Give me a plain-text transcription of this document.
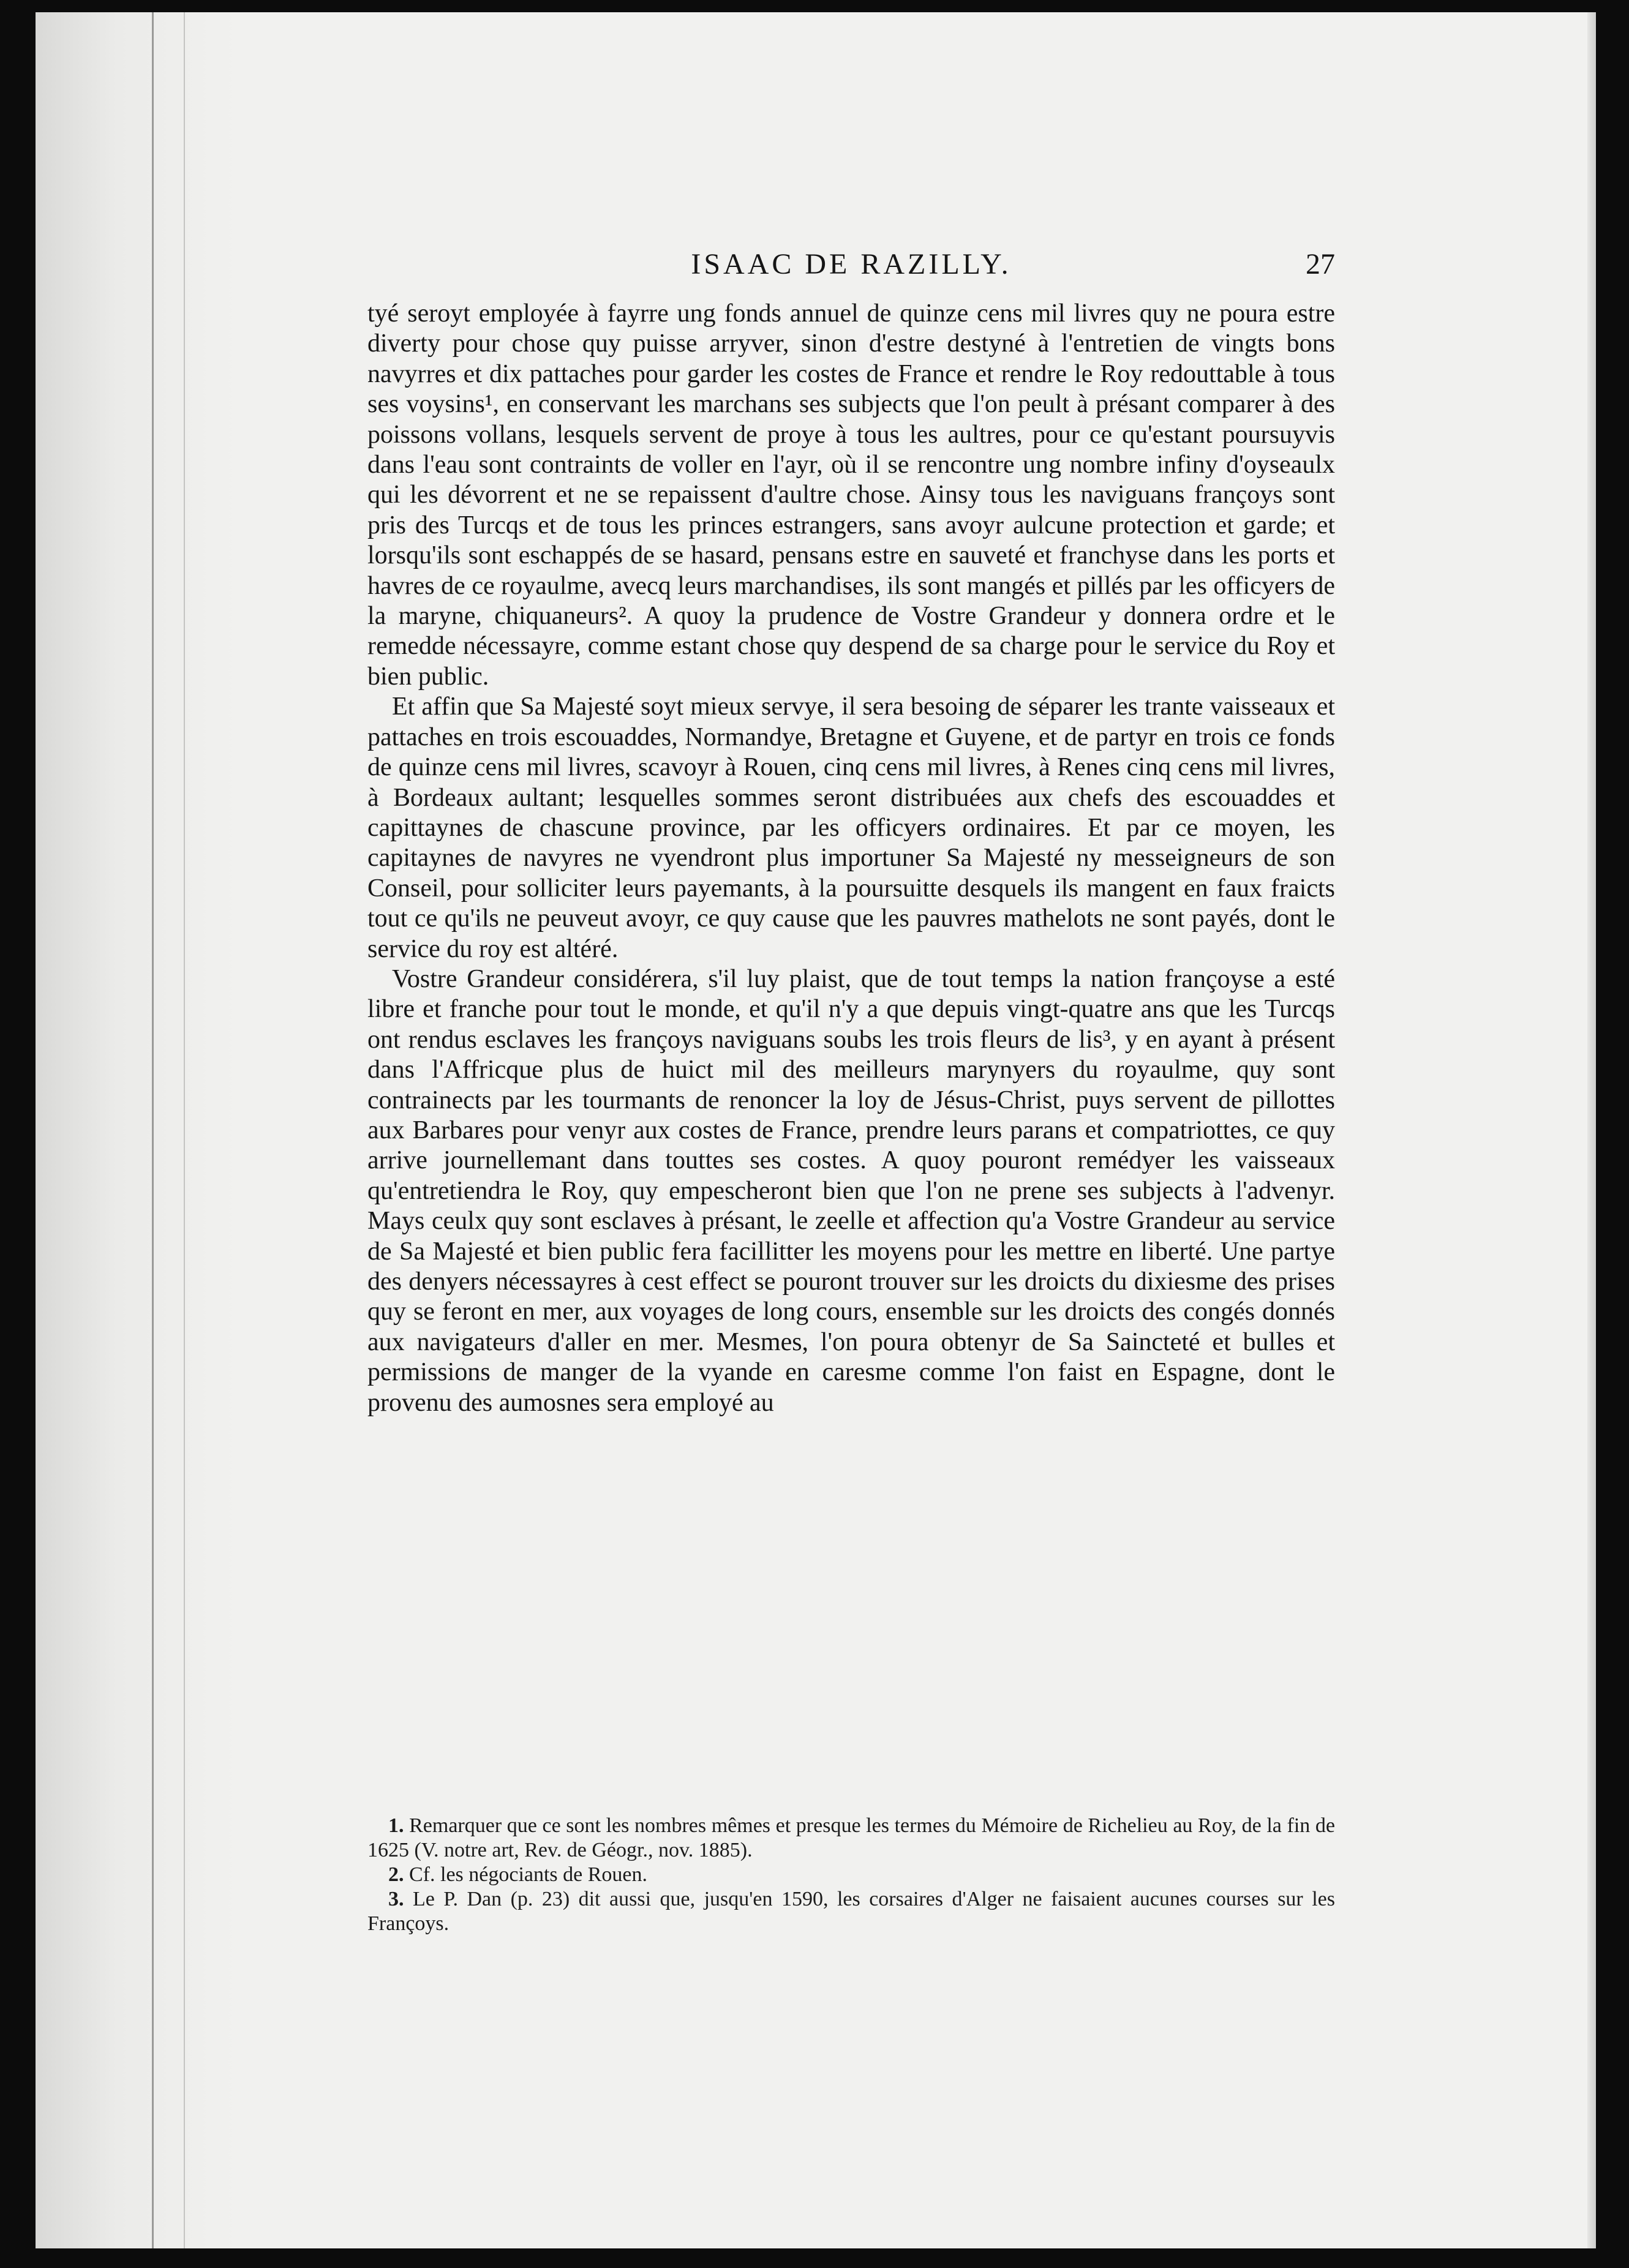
ISAAC DE RAZILLY.	27

tyé seroyt employée à fayrre ung fonds annuel de quinze cens mil livres quy ne poura estre diverty pour chose quy puisse arryver, sinon d'estre destyné à l'entretien de vingts bons navyrres et dix pattaches pour garder les costes de France et rendre le Roy redouttable à tous ses voysins¹, en conservant les marchans ses subjects que l'on peult à présant comparer à des poissons vollans, lesquels servent de proye à tous les aultres, pour ce qu'estant poursuyvis dans l'eau sont contraints de voller en l'ayr, où il se rencontre ung nombre infiny d'oyseaulx qui les dévorrent et ne se repaissent d'aultre chose. Ainsy tous les naviguans françoys sont pris des Turcqs et de tous les princes estrangers, sans avoyr aulcune protection et garde; et lorsqu'ils sont eschappés de se hasard, pensans estre en sauveté et franchyse dans les ports et havres de ce royaulme, avecq leurs marchandises, ils sont mangés et pillés par les officyers de la maryne, chiquaneurs². A quoy la prudence de Vostre Grandeur y donnera ordre et le remedde nécessayre, comme estant chose quy despend de sa charge pour le service du Roy et bien public.

Et affin que Sa Majesté soyt mieux servye, il sera besoing de séparer les trante vaisseaux et pattaches en trois escouaddes, Normandye, Bretagne et Guyene, et de partyr en trois ce fonds de quinze cens mil livres, scavoyr à Rouen, cinq cens mil livres, à Renes cinq cens mil livres, à Bordeaux aultant; lesquelles sommes seront distribuées aux chefs des escouaddes et capittaynes de chascune province, par les officyers ordinaires. Et par ce moyen, les capitaynes de navyres ne vyendront plus importuner Sa Majesté ny messeigneurs de son Conseil, pour solliciter leurs payemants, à la poursuitte desquels ils mangent en faux fraicts tout ce qu'ils ne peuveut avoyr, ce quy cause que les pauvres mathelots ne sont payés, dont le service du roy est altéré.

Vostre Grandeur considérera, s'il luy plaist, que de tout temps la nation françoyse a esté libre et franche pour tout le monde, et qu'il n'y a que depuis vingt-quatre ans que les Turcqs ont rendus esclaves les françoys naviguans soubs les trois fleurs de lis³, y en ayant à présent dans l'Affricque plus de huict mil des meilleurs marynyers du royaulme, quy sont contrainects par les tourmants de renoncer la loy de Jésus-Christ, puys servent de pillottes aux Barbares pour venyr aux costes de France, prendre leurs parans et compatriottes, ce quy arrive journellemant dans touttes ses costes. A quoy pouront remédyer les vaisseaux qu'entretiendra le Roy, quy empescheront bien que l'on ne prene ses subjects à l'advenyr. Mays ceulx quy sont esclaves à présant, le zeelle et affection qu'a Vostre Grandeur au service de Sa Majesté et bien public fera facillitter les moyens pour les mettre en liberté. Une partye des denyers nécessayres à cest effect se pouront trouver sur les droicts du dixiesme des prises quy se feront en mer, aux voyages de long cours, ensemble sur les droicts des congés donnés aux navigateurs d'aller en mer. Mesmes, l'on poura obtenyr de Sa Saincteté et bulles et permissions de manger de la vyande en caresme comme l'on faist en Espagne, dont le provenu des aumosnes sera employé au

1. Remarquer que ce sont les nombres mêmes et presque les termes du Mémoire de Richelieu au Roy, de la fin de 1625 (V. notre art, Rev. de Géogr., nov. 1885).

2. Cf. les négociants de Rouen.

3. Le P. Dan (p. 23) dit aussi que, jusqu'en 1590, les corsaires d'Alger ne faisaient aucunes courses sur les Françoys.
